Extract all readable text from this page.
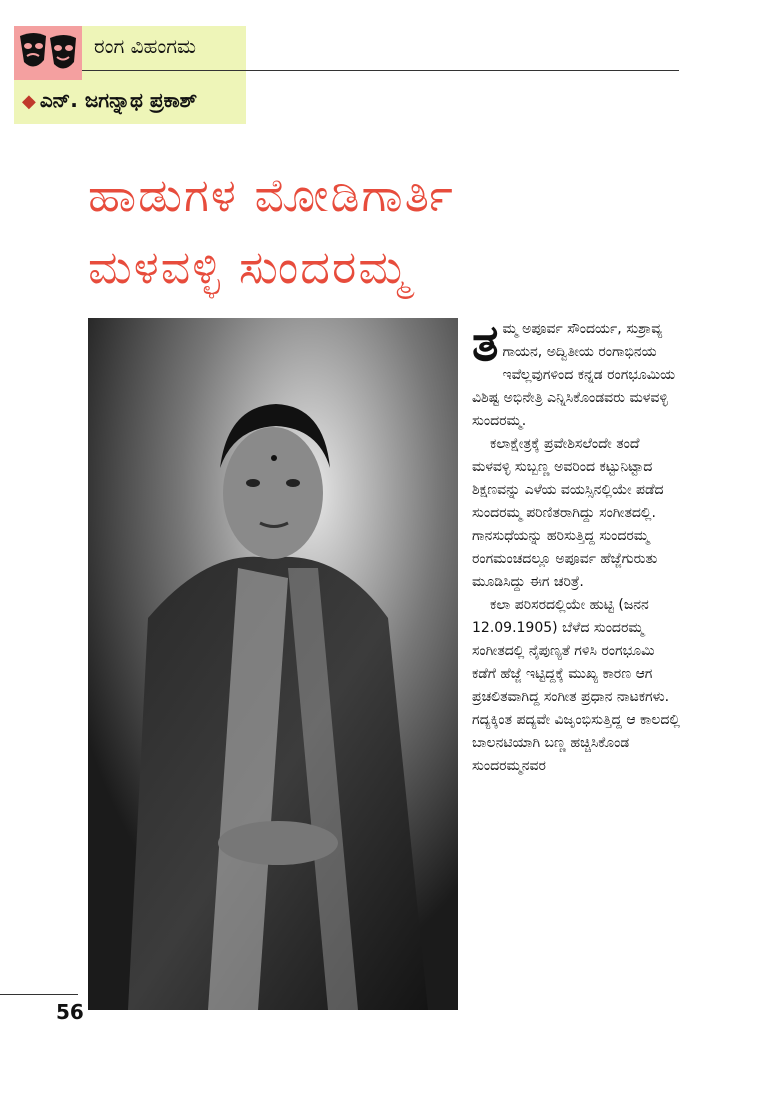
ರಂಗ ವಿಹಂಗಮ
◆ ಎನ್. ಜಗನ್ನಾಥ ಪ್ರಕಾಶ್
ಹಾಡುಗಳ ಮೋಡಿಗಾರ್ತಿ
ಮಳವಳ್ಳಿ ಸುಂದರಮ್ಮ

ತಮ್ಮ ಅಪೂರ್ವ ಸೌಂದರ್ಯ, ಸುಶ್ರಾವ್ಯ ಗಾಯನ, ಅದ್ವಿತೀಯ ರಂಗಾಭಿನಯ ಇವೆಲ್ಲವುಗಳಿಂದ ಕನ್ನಡ ರಂಗಭೂಮಿಯ ವಿಶಿಷ್ಟ ಅಭಿನೇತ್ರಿ ಎನ್ನಿಸಿಕೊಂಡವರು ಮಳವಳ್ಳಿ ಸುಂದರಮ್ಮ.

ಕಲಾಕ್ಷೇತ್ರಕ್ಕೆ ಪ್ರವೇಶಿಸಲೆಂದೇ ತಂದೆ ಮಳವಳ್ಳಿ ಸುಬ್ಬಣ್ಣ ಅವರಿಂದ ಕಟ್ಟುನಿಟ್ಟಾದ ಶಿಕ್ಷಣವನ್ನು ಎಳೆಯ ವಯಸ್ಸಿನಲ್ಲಿಯೇ ಪಡೆದ ಸುಂದರಮ್ಮ ಪರಿಣಿತರಾಗಿದ್ದು ಸಂಗೀತದಲ್ಲಿ. ಗಾನಸುಧೆಯನ್ನು ಹರಿಸುತ್ತಿದ್ದ ಸುಂದರಮ್ಮ ರಂಗಮಂಚದಲ್ಲೂ ಅಪೂರ್ವ ಹೆಜ್ಜೆಗುರುತು ಮೂಡಿಸಿದ್ದು ಈಗ ಚರಿತ್ರೆ.

ಕಲಾ ಪರಿಸರದಲ್ಲಿಯೇ ಹುಟ್ಟಿ (ಜನನ 12.09.1905) ಬೆಳೆದ ಸುಂದರಮ್ಮ ಸಂಗೀತದಲ್ಲಿ ನೈಪುಣ್ಯತೆ ಗಳಿಸಿ ರಂಗಭೂಮಿ ಕಡೆಗೆ ಹೆಜ್ಜೆ ಇಟ್ಟಿದ್ದಕ್ಕೆ ಮುಖ್ಯ ಕಾರಣ ಆಗ ಪ್ರಚಲಿತವಾಗಿದ್ದ ಸಂಗೀತ ಪ್ರಧಾನ ನಾಟಕಗಳು. ಗದ್ಯಕ್ಕಿಂತ ಪದ್ಯವೇ ವಿಜೃಂಭಿಸುತ್ತಿದ್ದ ಆ ಕಾಲದಲ್ಲಿ ಬಾಲನಟಿಯಾಗಿ ಬಣ್ಣ ಹಚ್ಚಿಸಿಕೊಂಡ ಸುಂದರಮ್ಮನವರ

56
